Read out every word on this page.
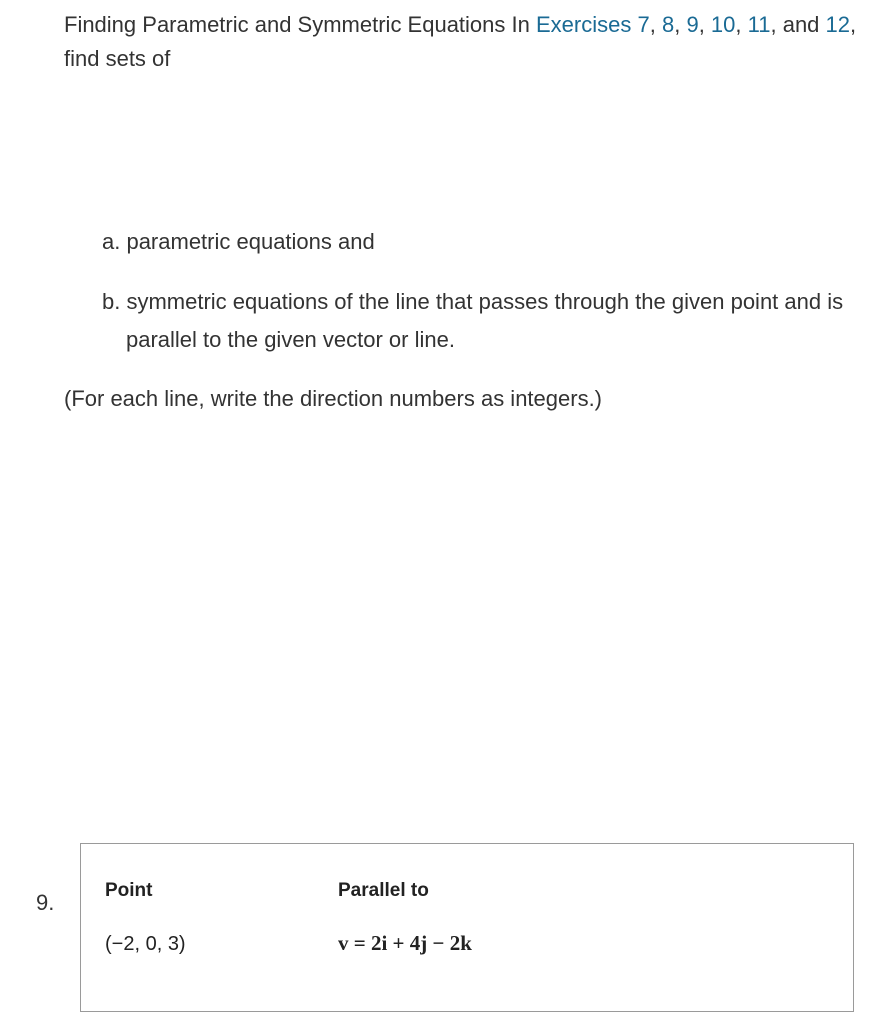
Finding Parametric and Symmetric Equations In Exercises 7, 8, 9, 10, 11, and 12, find sets of
a. parametric equations and
b. symmetric equations of the line that passes through the given point and is parallel to the given vector or line.
(For each line, write the direction numbers as integers.)
9.	Point	Parallel to
(−2, 0, 3)	v = 2i + 4j − 2k
